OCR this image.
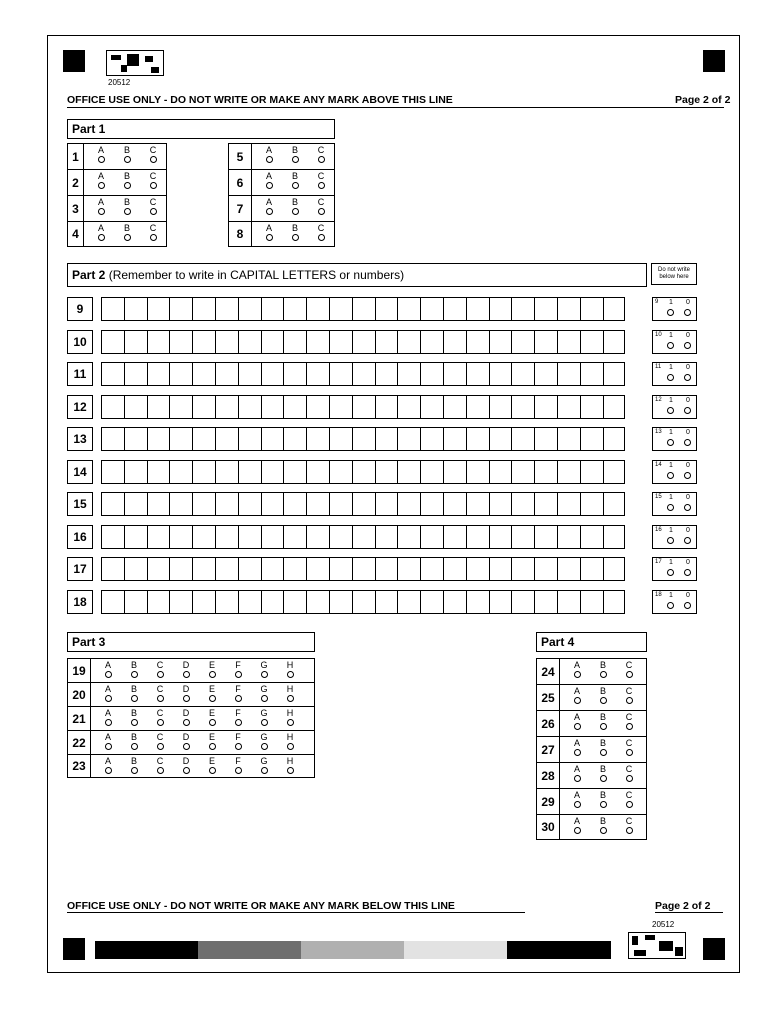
20512
OFFICE USE ONLY - DO NOT WRITE OR MAKE ANY MARK ABOVE THIS LINE	Page 2 of 2
Part 1
1	A B C
2	A B C
3	A B C
4	A B C
5	A B C
6	A B C
7	A B C
8	A B C
Part 2 (Remember to write in CAPITAL LETTERS or numbers)	Do not write below here
9	9 1 0
10	10 1 0
11	11 1 0
12	12 1 0
13	13 1 0
14	14 1 0
15	15 1 0
16	16 1 0
17	17 1 0
18	18 1 0
Part 3
19	A B C D E F G H
20	A B C D E F G H
21	A B C D E F G H
22	A B C D E F G H
23	A B C D E F G H
Part 4
24	A B C
25	A B C
26	A B C
27	A B C
28	A B C
29	A B C
30	A B C
OFFICE USE ONLY - DO NOT WRITE OR MAKE ANY MARK BELOW THIS LINE	Page 2 of 2
20512
